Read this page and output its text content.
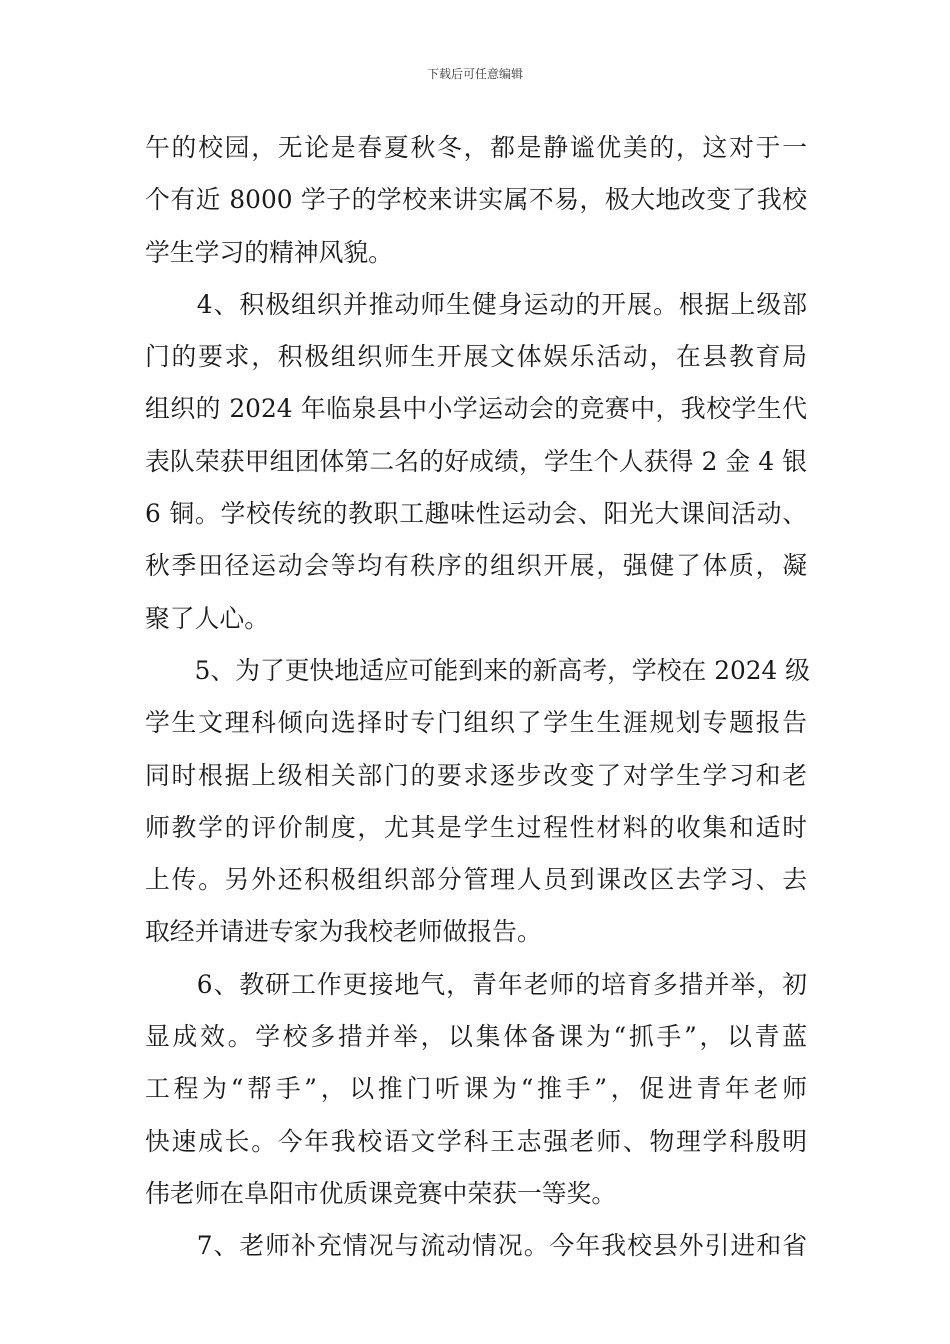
下载后可任意编辑
午的校园，无论是春夏秋冬，都是静谧优美的，这对于一
个有近 8000 学子的学校来讲实属不易，极大地改变了我校
学生学习的精神风貌。
　　4、积极组织并推动师生健身运动的开展。根据上级部
门的要求，积极组织师生开展文体娱乐活动，在县教育局
组织的 2024 年临泉县中小学运动会的竞赛中，我校学生代
表队荣获甲组团体第二名的好成绩，学生个人获得 2 金 4 银
6 铜。学校传统的教职工趣味性运动会、阳光大课间活动、
秋季田径运动会等均有秩序的组织开展，强健了体质，凝
聚了人心。
　　5、为了更快地适应可能到来的新高考，学校在 2024 级
学生文理科倾向选择时专门组织了学生生涯规划专题报告
同时根据上级相关部门的要求逐步改变了对学生学习和老
师教学的评价制度，尤其是学生过程性材料的收集和适时
上传。另外还积极组织部分管理人员到课改区去学习、去
取经并请进专家为我校老师做报告。
　　6、教研工作更接地气，青年老师的培育多措并举，初
显成效。学校多措并举，以集体备课为“抓手”，以青蓝
工程为“帮手”，以推门听课为“推手”，促进青年老师
快速成长。今年我校语文学科王志强老师、物理学科殷明
伟老师在阜阳市优质课竞赛中荣获一等奖。
　　7、老师补充情况与流动情况。今年我校县外引进和省
